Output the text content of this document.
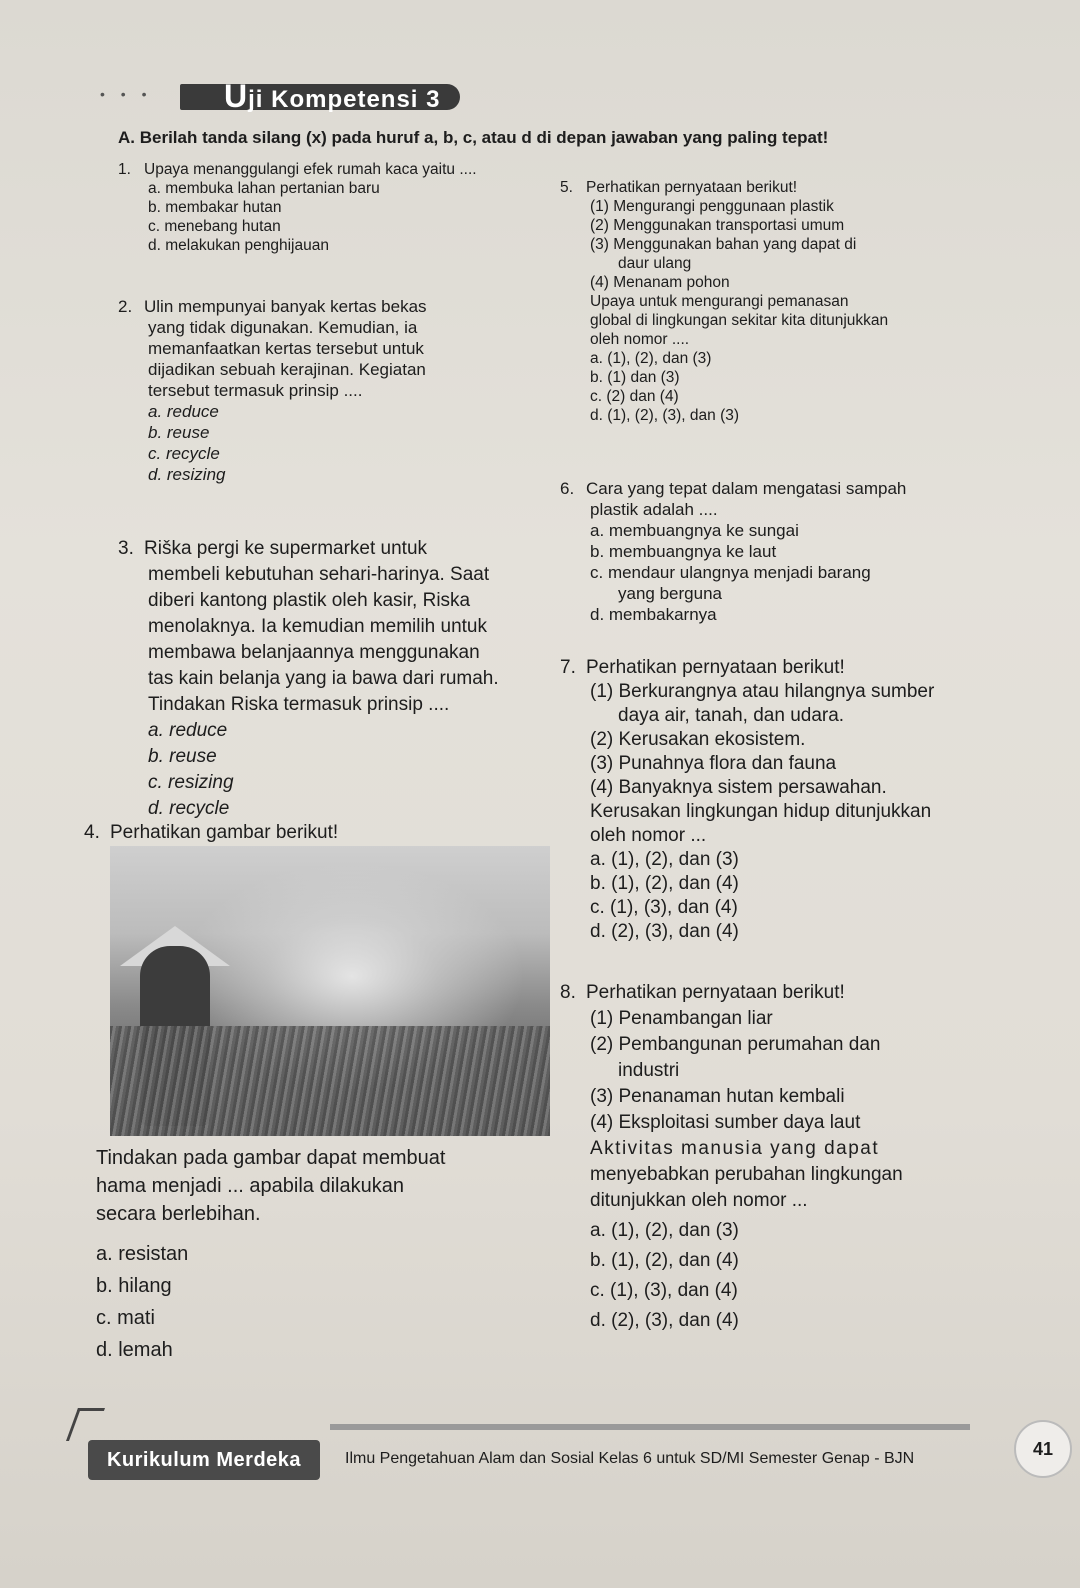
• • • Uji Kompetensi 3
A. Berilah tanda silang (x) pada huruf a, b, c, atau d di depan jawaban yang paling tepat!
1. Upaya menanggulangi efek rumah kaca yaitu ....
a. membuka lahan pertanian baru
b. membakar hutan
c. menebang hutan
d. melakukan penghijauan
2. Ulin mempunyai banyak kertas bekas
yang tidak digunakan. Kemudian, ia
memanfaatkan kertas tersebut untuk
dijadikan sebuah kerajinan. Kegiatan
tersebut termasuk prinsip ....
a. reduce
b. reuse
c. recycle
d. resizing
3. Riška pergi ke supermarket untuk
membeli kebutuhan sehari-harinya. Saat
diberi kantong plastik oleh kasir, Riska
menolaknya. Ia kemudian memilih untuk
membawa belanjaannya menggunakan
tas kain belanja yang ia bawa dari rumah.
Tindakan Riska termasuk prinsip ....
a. reduce
b. reuse
c. resizing
d. recycle
4. Perhatikan gambar berikut!
Tindakan pada gambar dapat membuat
hama menjadi ... apabila dilakukan
secara berlebihan.
a. resistan
b. hilang
c. mati
d. lemah
5. Perhatikan pernyataan berikut!
(1) Mengurangi penggunaan plastik
(2) Menggunakan transportasi umum
(3) Menggunakan bahan yang dapat di
daur ulang
(4) Menanam pohon
Upaya untuk mengurangi pemanasan
global di lingkungan sekitar kita ditunjukkan
oleh nomor ....
a. (1), (2), dan (3)
b. (1) dan (3)
c. (2) dan (4)
d. (1), (2), (3), dan (3)
6. Cara yang tepat dalam mengatasi sampah
plastik adalah ....
a. membuangnya ke sungai
b. membuangnya ke laut
c. mendaur ulangnya menjadi barang
yang berguna
d. membakarnya
7. Perhatikan pernyataan berikut!
(1) Berkurangnya atau hilangnya sumber
daya air, tanah, dan udara.
(2) Kerusakan ekosistem.
(3) Punahnya flora dan fauna
(4) Banyaknya sistem persawahan.
Kerusakan lingkungan hidup ditunjukkan
oleh nomor ...
a. (1), (2), dan (3)
b. (1), (2), dan (4)
c. (1), (3), dan (4)
d. (2), (3), dan (4)
8. Perhatikan pernyataan berikut!
(1) Penambangan liar
(2) Pembangunan perumahan dan
industri
(3) Penanaman hutan kembali
(4) Eksploitasi sumber daya laut
Aktivitas manusia yang dapat
menyebabkan perubahan lingkungan
ditunjukkan oleh nomor ...
a. (1), (2), dan (3)
b. (1), (2), dan (4)
c. (1), (3), dan (4)
d. (2), (3), dan (4)
Kurikulum Merdeka	Ilmu Pengetahuan Alam dan Sosial Kelas 6 untuk SD/MI Semester Genap - BJN	41
